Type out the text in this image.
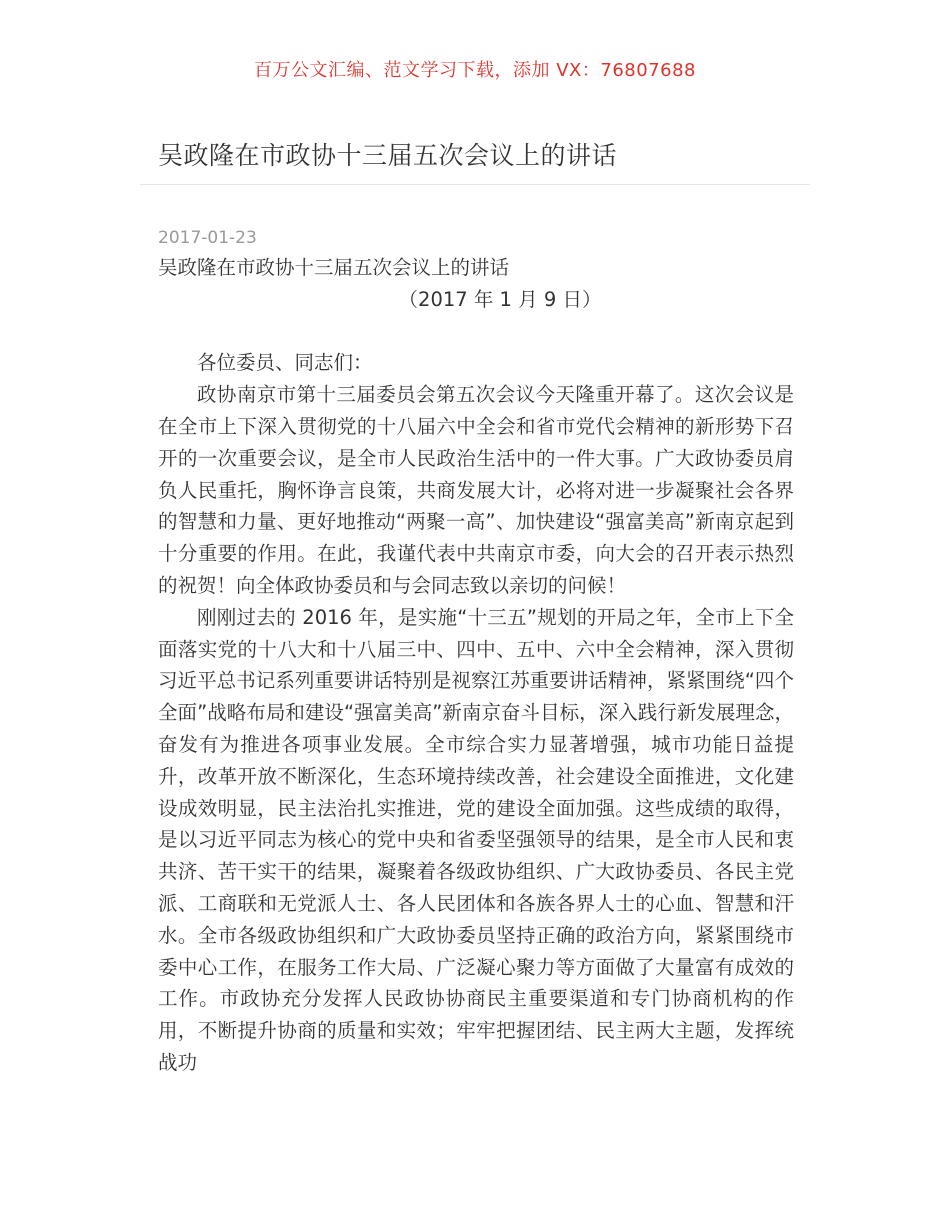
百万公文汇编、范文学习下载，添加 VX：76807688
吴政隆在市政协十三届五次会议上的讲话
2017-01-23

吴政隆在市政协十三届五次会议上的讲话

（2017 年 1 月 9 日）

各位委员、同志们：

政协南京市第十三届委员会第五次会议今天隆重开幕了。这次会议是在全市上下深入贯彻党的十八届六中全会和省市党代会精神的新形势下召开的一次重要会议，是全市人民政治生活中的一件大事。广大政协委员肩负人民重托，胸怀诤言良策，共商发展大计，必将对进一步凝聚社会各界的智慧和力量、更好地推动“两聚一高”、加快建设“强富美高”新南京起到十分重要的作用。在此，我谨代表中共南京市委，向大会的召开表示热烈的祝贺！向全体政协委员和与会同志致以亲切的问候！

刚刚过去的 2016 年，是实施“十三五”规划的开局之年，全市上下全面落实党的十八大和十八届三中、四中、五中、六中全会精神，深入贯彻习近平总书记系列重要讲话特别是视察江苏重要讲话精神，紧紧围绕“四个全面”战略布局和建设“强富美高”新南京奋斗目标，深入践行新发展理念，奋发有为推进各项事业发展。全市综合实力显著增强，城市功能日益提升，改革开放不断深化，生态环境持续改善，社会建设全面推进，文化建设成效明显，民主法治扎实推进，党的建设全面加强。这些成绩的取得，是以习近平同志为核心的党中央和省委坚强领导的结果，是全市人民和衷共济、苦干实干的结果，凝聚着各级政协组织、广大政协委员、各民主党派、工商联和无党派人士、各人民团体和各族各界人士的心血、智慧和汗水。全市各级政协组织和广大政协委员坚持正确的政治方向，紧紧围绕市委中心工作，在服务工作大局、广泛凝心聚力等方面做了大量富有成效的工作。市政协充分发挥人民政协协商民主重要渠道和专门协商机构的作用，不断提升协商的质量和实效；牢牢把握团结、民主两大主题，发挥统战功
